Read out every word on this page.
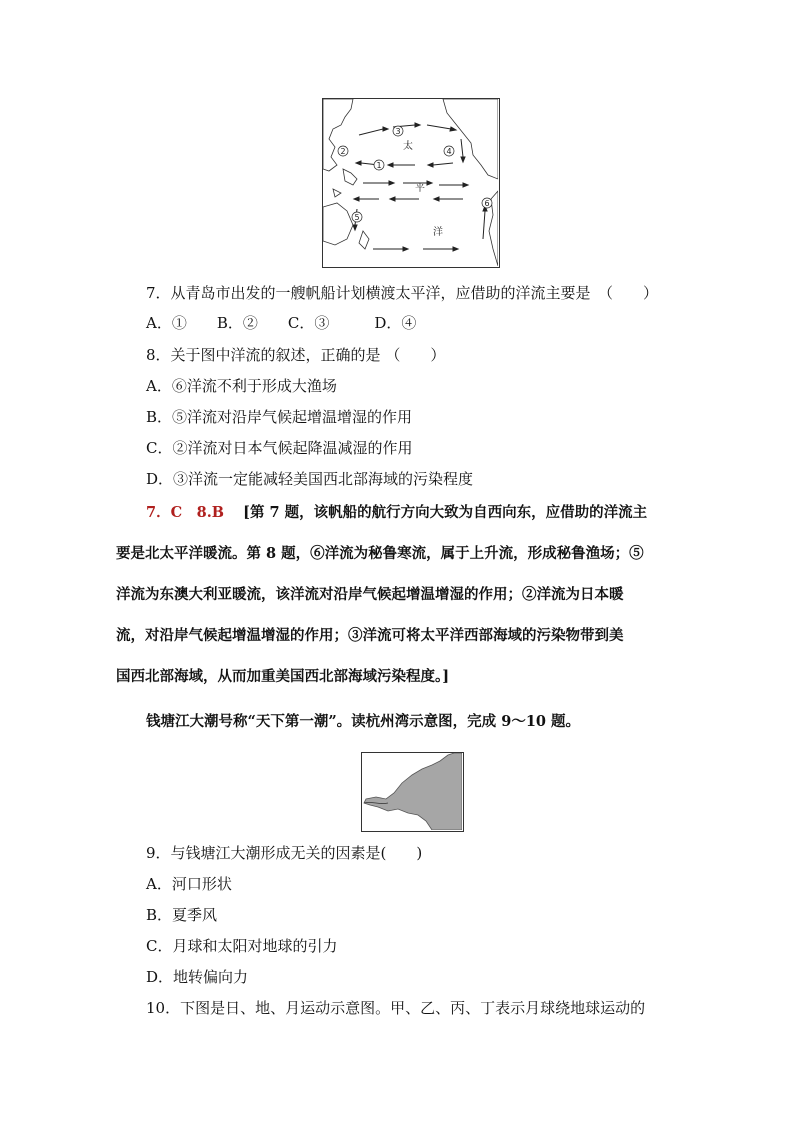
1
2
3
4
5
6
太
平
洋
7．从青岛市出发的一艘帆船计划横渡太平洋，应借助的洋流主要是　（　　）
A．①　　B．②　　C．③　　　D．④
8．关于图中洋流的叙述，正确的是 （　　）
A．⑥洋流不利于形成大渔场
B．⑤洋流对沿岸气候起增温增湿的作用
C．②洋流对日本气候起降温减湿的作用
D．③洋流一定能减轻美国西北部海域的污染程度
7．C　8.B [第 7 题，该帆船的航行方向大致为自西向东，应借助的洋流主
要是北太平洋暖流。第 8 题，⑥洋流为秘鲁寒流，属于上升流，形成秘鲁渔场；⑤
洋流为东澳大利亚暖流，该洋流对沿岸气候起增温增湿的作用；②洋流为日本暖
流，对沿岸气候起增温增湿的作用；③洋流可将太平洋西部海域的污染物带到美
国西北部海域，从而加重美国西北部海域污染程度。]
钱塘江大潮号称“天下第一潮”。读杭州湾示意图，完成 9～10 题。
9．与钱塘江大潮形成无关的因素是(　　)
A．河口形状
B．夏季风
C．月球和太阳对地球的引力
D．地转偏向力
10．下图是日、地、月运动示意图。甲、乙、丙、丁表示月球绕地球运动的
